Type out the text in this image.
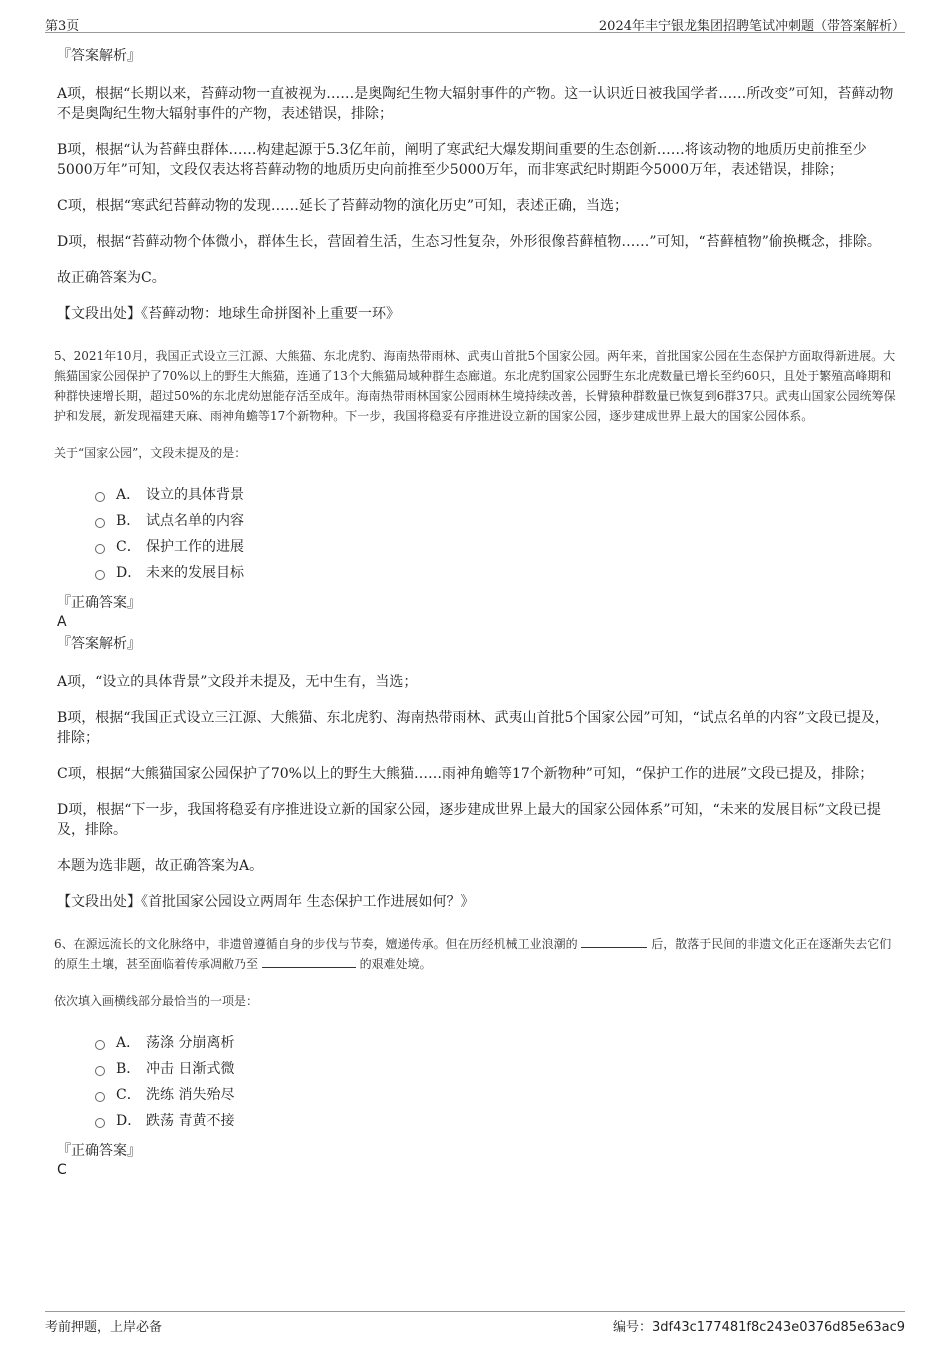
第3页	2024年丰宁银龙集团招聘笔试冲刺题（带答案解析）
『答案解析』
A项，根据“长期以来，苔藓动物一直被视为……是奥陶纪生物大辐射事件的产物。这一认识近日被我国学者……所改变”可知，苔藓动物不是奥陶纪生物大辐射事件的产物，表述错误，排除；
B项，根据“认为苔藓虫群体……构建起源于5.3亿年前，阐明了寒武纪大爆发期间重要的生态创新……将该动物的地质历史前推至少5000万年”可知，文段仅表达将苔藓动物的地质历史向前推至少5000万年，而非寒武纪时期距今5000万年，表述错误，排除；
C项，根据“寒武纪苔藓动物的发现……延长了苔藓动物的演化历史”可知，表述正确，当选；
D项，根据“苔藓动物个体微小，群体生长，营固着生活，生态习性复杂，外形很像苔藓植物……”可知，“苔藓植物”偷换概念，排除。
故正确答案为C。
【文段出处】《苔藓动物：地球生命拼图补上重要一环》
5、2021年10月，我国正式设立三江源、大熊猫、东北虎豹、海南热带雨林、武夷山首批5个国家公园。两年来，首批国家公园在生态保护方面取得新进展。大熊猫国家公园保护了70%以上的野生大熊猫，连通了13个大熊猫局域种群生态廊道。东北虎豹国家公园野生东北虎数量已增长至约60只，且处于繁殖高峰期和种群快速增长期，超过50%的东北虎幼崽能存活至成年。海南热带雨林国家公园雨林生境持续改善，长臂猿种群数量已恢复到6群37只。武夷山国家公园统筹保护和发展，新发现福建天麻、雨神角蟾等17个新物种。下一步，我国将稳妥有序推进设立新的国家公园，逐步建成世界上最大的国家公园体系。
关于“国家公园”，文段未提及的是：
A． 设立的具体背景
B． 试点名单的内容
C． 保护工作的进展
D． 未来的发展目标
『正确答案』
A
『答案解析』
A项，“设立的具体背景”文段并未提及，无中生有，当选；
B项，根据“我国正式设立三江源、大熊猫、东北虎豹、海南热带雨林、武夷山首批5个国家公园”可知，“试点名单的内容”文段已提及，排除；
C项，根据“大熊猫国家公园保护了70%以上的野生大熊猫……雨神角蟾等17个新物种”可知，“保护工作的进展”文段已提及，排除；
D项，根据“下一步，我国将稳妥有序推进设立新的国家公园，逐步建成世界上最大的国家公园体系”可知，“未来的发展目标”文段已提及，排除。
本题为选非题，故正确答案为A。
【文段出处】《首批国家公园设立两周年 生态保护工作进展如何？》
6、在源远流长的文化脉络中，非遗曾遵循自身的步伐与节奏，嬗递传承。但在历经机械工业浪潮的	后，散落于民间的非遗文化正在逐渐失去它们的原生土壤，甚至面临着传承凋敝乃至	的艰难处境。
依次填入画横线部分最恰当的一项是：
A． 荡涤 分崩离析
B． 冲击 日渐式微
C． 洗练 消失殆尽
D． 跌荡 青黄不接
『正确答案』
C
考前押题，上岸必备	编号：3df43c177481f8c243e0376d85e63ac9
